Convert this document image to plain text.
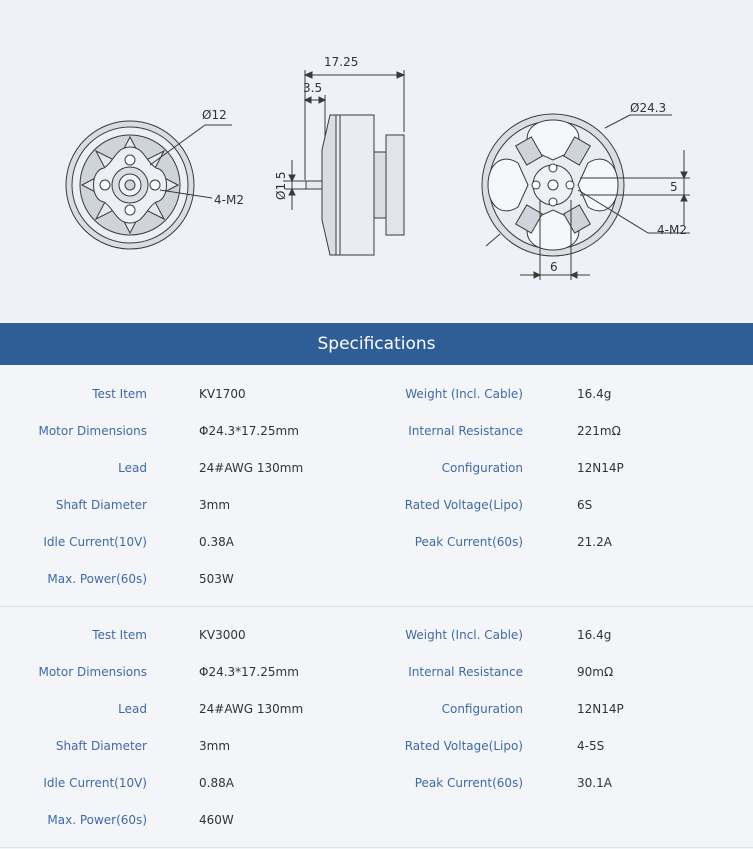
Ø12
4-M2
17.25
3.5
Ø1.5
Ø24.3
5
6
4-M2
Specifications
Test Item	KV1700	Weight (Incl. Cable)	16.4g
Motor Dimensions	Φ24.3*17.25mm	Internal Resistance	221mΩ
Lead	24#AWG 130mm	Configuration	12N14P
Shaft Diameter	3mm	Rated Voltage(Lipo)	6S
Idle Current(10V)	0.38A	Peak Current(60s)	21.2A
Max. Power(60s)	503W
Test Item	KV3000	Weight (Incl. Cable)	16.4g
Motor Dimensions	Φ24.3*17.25mm	Internal Resistance	90mΩ
Lead	24#AWG 130mm	Configuration	12N14P
Shaft Diameter	3mm	Rated Voltage(Lipo)	4-5S
Idle Current(10V)	0.88A	Peak Current(60s)	30.1A
Max. Power(60s)	460W
